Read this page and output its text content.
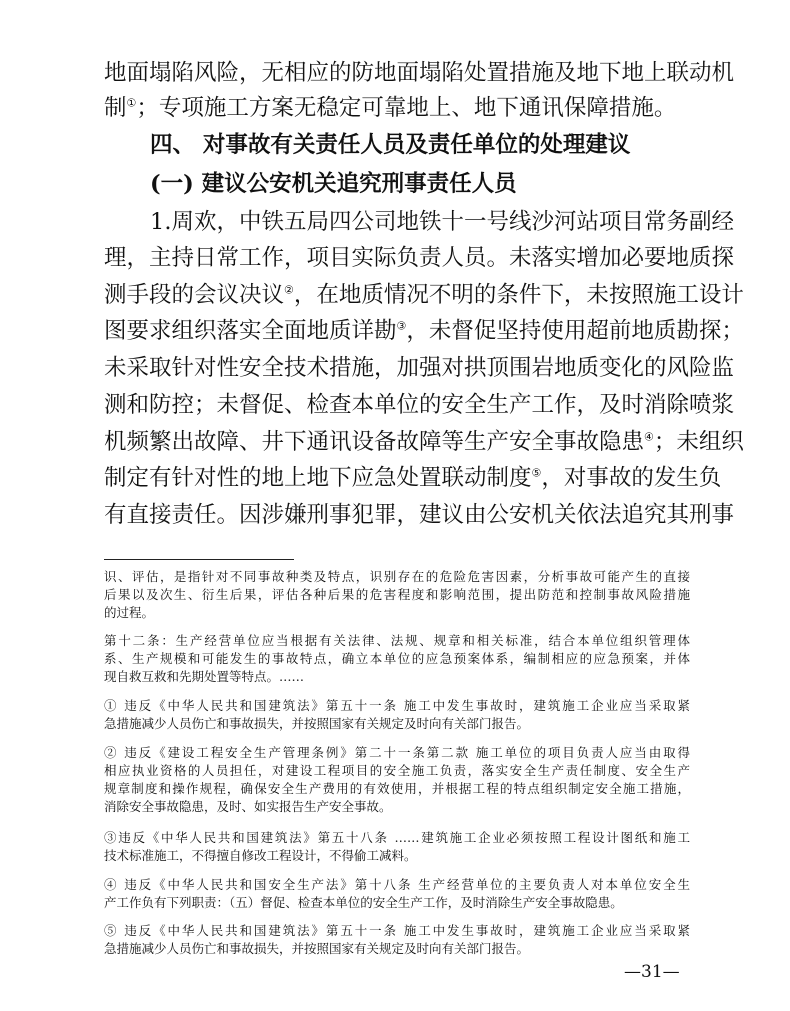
地面塌陷风险，无相应的防地面塌陷处置措施及地下地上联动机
制①；专项施工方案无稳定可靠地上、地下通讯保障措施。
四、 对事故有关责任人员及责任单位的处理建议
(一) 建议公安机关追究刑事责任人员
1.周欢，中铁五局四公司地铁十一号线沙河站项目常务副经
理，主持日常工作，项目实际负责人员。未落实增加必要地质探
测手段的会议决议②，在地质情况不明的条件下，未按照施工设计
图要求组织落实全面地质详勘③，未督促坚持使用超前地质勘探；
未采取针对性安全技术措施，加强对拱顶围岩地质变化的风险监
测和防控；未督促、检查本单位的安全生产工作，及时消除喷浆
机频繁出故障、井下通讯设备故障等生产安全事故隐患④；未组织
制定有针对性的地上地下应急处置联动制度⑤，对事故的发生负
有直接责任。因涉嫌刑事犯罪，建议由公安机关依法追究其刑事
识、评估，是指针对不同事故种类及特点，识别存在的危险危害因素，分析事故可能产生的直接
后果以及次生、衍生后果，评估各种后果的危害程度和影响范围，提出防范和控制事故风险措施
的过程。
第十二条：生产经营单位应当根据有关法律、法规、规章和相关标准，结合本单位组织管理体
系、生产规模和可能发生的事故特点，确立本单位的应急预案体系，编制相应的应急预案，并体
现自救互救和先期处置等特点。……
① 违反《中华人民共和国建筑法》第五十一条 施工中发生事故时，建筑施工企业应当采取紧
急措施减少人员伤亡和事故损失，并按照国家有关规定及时向有关部门报告。
② 违反《建设工程安全生产管理条例》第二十一条第二款 施工单位的项目负责人应当由取得
相应执业资格的人员担任，对建设工程项目的安全施工负责，落实安全生产责任制度、安全生产
规章制度和操作规程，确保安全生产费用的有效使用，并根据工程的特点组织制定安全施工措施，
消除安全事故隐患，及时、如实报告生产安全事故。
③违反《中华人民共和国建筑法》第五十八条 ……建筑施工企业必须按照工程设计图纸和施工
技术标准施工，不得擅自修改工程设计，不得偷工减料。
④ 违反《中华人民共和国安全生产法》第十八条 生产经营单位的主要负责人对本单位安全生
产工作负有下列职责：（五）督促、检查本单位的安全生产工作，及时消除生产安全事故隐患。
⑤ 违反《中华人民共和国建筑法》第五十一条 施工中发生事故时，建筑施工企业应当采取紧
急措施减少人员伤亡和事故损失，并按照国家有关规定及时向有关部门报告。
—31—
